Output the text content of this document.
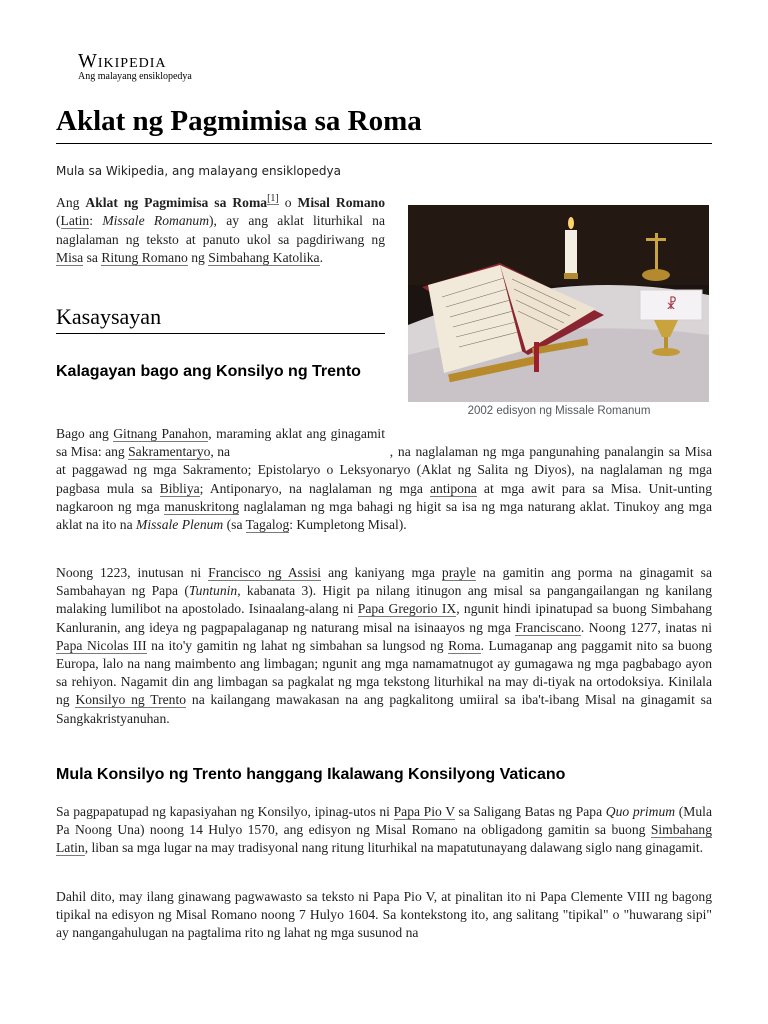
Wikipedia
Ang malayang ensiklopedya
Aklat ng Pagmimisa sa Roma
Mula sa Wikipedia, ang malayang ensiklopedya
Ang Aklat ng Pagmimisa sa Roma[1] o Misal Romano (Latin: Missale Romanum), ay ang aklat liturhikal na naglalaman ng teksto at panuto ukol sa pagdiriwang ng Misa sa Ritung Romano ng Simbahang Katolika.
☧
2002 edisyon ng Missale Romanum
Kasaysayan
Kalagayan bago ang Konsilyo ng Trento
Bago ang Gitnang Panahon, maraming aklat ang ginagamit sa Misa: ang Sakramentaryo, na	, na naglalaman ng mga pangunahing panalangin sa Misa at paggawad ng mga Sakramento; Epistolaryo o Leksyonaryo (Aklat ng Salita ng Diyos), na naglalaman ng mga pagbasa mula sa Bibliya; Antiponaryo, na naglalaman ng mga antipona at mga awit para sa Misa. Unit-unting nagkaroon ng mga manuskritong naglalaman ng mga bahagi ng higit sa isa ng mga naturang aklat. Tinukoy ang mga aklat na ito na Missale Plenum (sa Tagalog: Kumpletong Misal).
Noong 1223, inutusan ni Francisco ng Assisi ang kaniyang mga prayle na gamitin ang porma na ginagamit sa Sambahayan ng Papa (Tuntunin, kabanata 3). Higit pa nilang itinugon ang misal sa pangangailangan ng kanilang malaking lumilibot na apostolado. Isinaalang-alang ni Papa Gregorio IX, ngunit hindi ipinatupad sa buong Simbahang Kanluranin, ang ideya ng pagpapalaganap ng naturang misal na isinaayos ng mga Franciscano. Noong 1277, inatas ni Papa Nicolas III na ito'y gamitin ng lahat ng simbahan sa lungsod ng Roma. Lumaganap ang paggamit nito sa buong Europa, lalo na nang maimbento ang limbagan; ngunit ang mga namamatnugot ay gumagawa ng mga pagbabago ayon sa rehiyon. Nagamit din ang limbagan sa pagkalat ng mga tekstong liturhikal na may di-tiyak na ortodoksiya. Kinilala ng Konsilyo ng Trento na kailangang mawakasan na ang pagkalitong umiiral sa iba't-ibang Misal na ginagamit sa Sangkakristyanuhan.
Mula Konsilyo ng Trento hanggang Ikalawang Konsilyong Vaticano
Sa pagpapatupad ng kapasiyahan ng Konsilyo, ipinag-utos ni Papa Pio V sa Saligang Batas ng Papa Quo primum (Mula Pa Noong Una) noong 14 Hulyo 1570, ang edisyon ng Misal Romano na obligadong gamitin sa buong Simbahang Latin, liban sa mga lugar na may tradisyonal nang ritung liturhikal na mapatutunayang dalawang siglo nang ginagamit.
Dahil dito, may ilang ginawang pagwawasto sa teksto ni Papa Pio V, at pinalitan ito ni Papa Clemente VIII ng bagong tipikal na edisyon ng Misal Romano noong 7 Hulyo 1604. Sa kontekstong ito, ang salitang "tipikal" o "huwarang sipi" ay nangangahulugan na pagtalima rito ng lahat ng mga susunod na
